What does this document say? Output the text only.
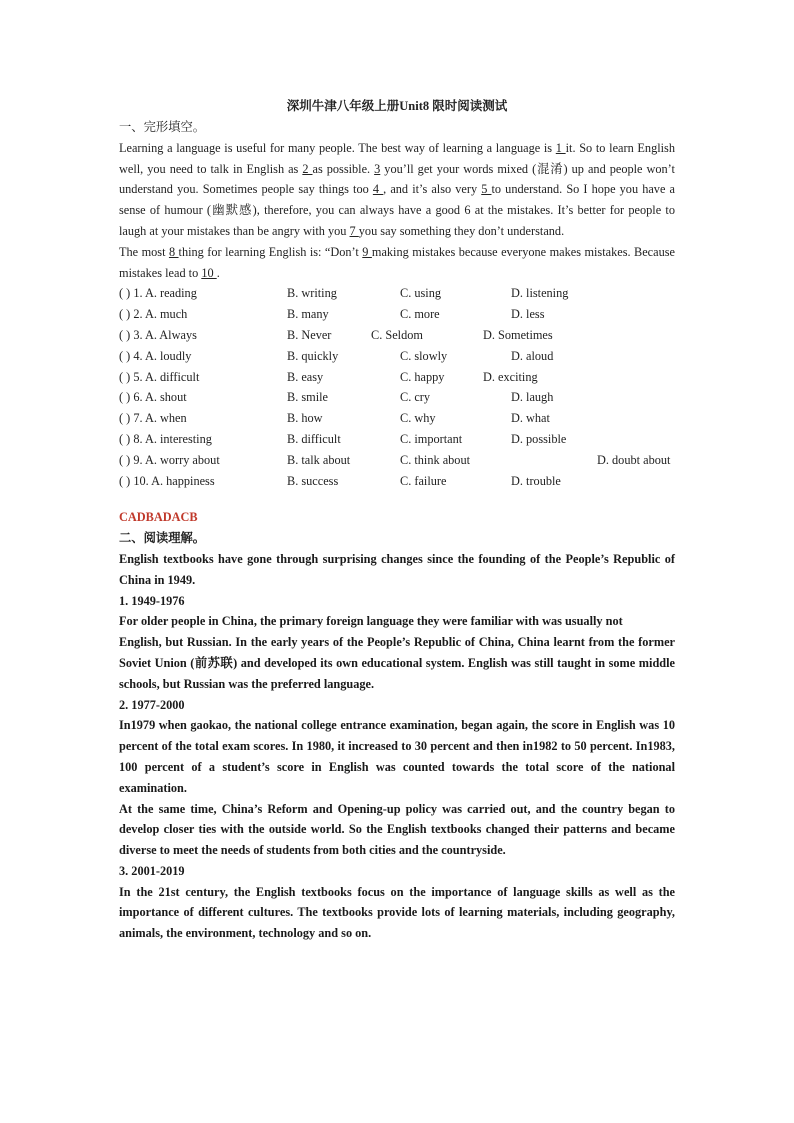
深圳牛津八年级上册Unit8 限时阅读测试
一、完形填空。
Learning a language is useful for many people. The best way of learning a language is 1 it. So to learn English well, you need to talk in English as 2 as possible. 3 you’ll get your words mixed (混淆) up and people won’t understand you. Sometimes people say things too 4 , and it’s also very 5 to understand. So I hope you have a sense of humour (幽默感), therefore, you can always have a good 6 at the mistakes. It’s better for people to laugh at your mistakes than be angry with you 7 you say something they don’t understand.
The most 8 thing for learning English is: “Don’t 9 making mistakes because everyone makes mistakes. Because mistakes lead to 10 .
( ) 1. A. reading	B. writing	C. using	D. listening
( ) 2. A. much	B. many	C. more	D. less
( ) 3. A. Always	B. Never	C. Seldom	D. Sometimes
( ) 4. A. loudly	B. quickly	C. slowly	D. aloud
( ) 5. A. difficult	B. easy	C. happy	D. exciting
( ) 6. A. shout	B. smile	C. cry	D. laugh
( ) 7. A. when	B. how	C. why	D. what
( ) 8. A. interesting	B. difficult	C. important	D. possible
( ) 9. A. worry about	B. talk about	C. think about	D. doubt about
( ) 10. A. happiness	B. success	C. failure	D. trouble
CADBADACB
二、阅读理解。

English textbooks have gone through surprising changes since the founding of the People’s Republic of China in 1949.

1. 1949-1976

For older people in China, the primary foreign language they were familiar with was usually not

English, but Russian. In the early years of the People’s Republic of China, China learnt from the former Soviet Union (前苏联) and developed its own educational system. English was still taught in some middle schools, but Russian was the preferred language.

2. 1977-2000

In1979 when gaokao, the national college entrance examination, began again, the score in English was 10 percent of the total exam scores. In 1980, it increased to 30 percent and then in1982 to 50 percent. In1983, 100 percent of a student’s score in English was counted towards the total score of the national examination.

At the same time, China’s Reform and Opening-up policy was carried out, and the country began to develop closer ties with the outside world. So the English textbooks changed their patterns and became diverse to meet the needs of students from both cities and the countryside.

3. 2001-2019

In the 21st century, the English textbooks focus on the importance of language skills as well as the importance of different cultures. The textbooks provide lots of learning materials, including geography, animals, the environment, technology and so on.
